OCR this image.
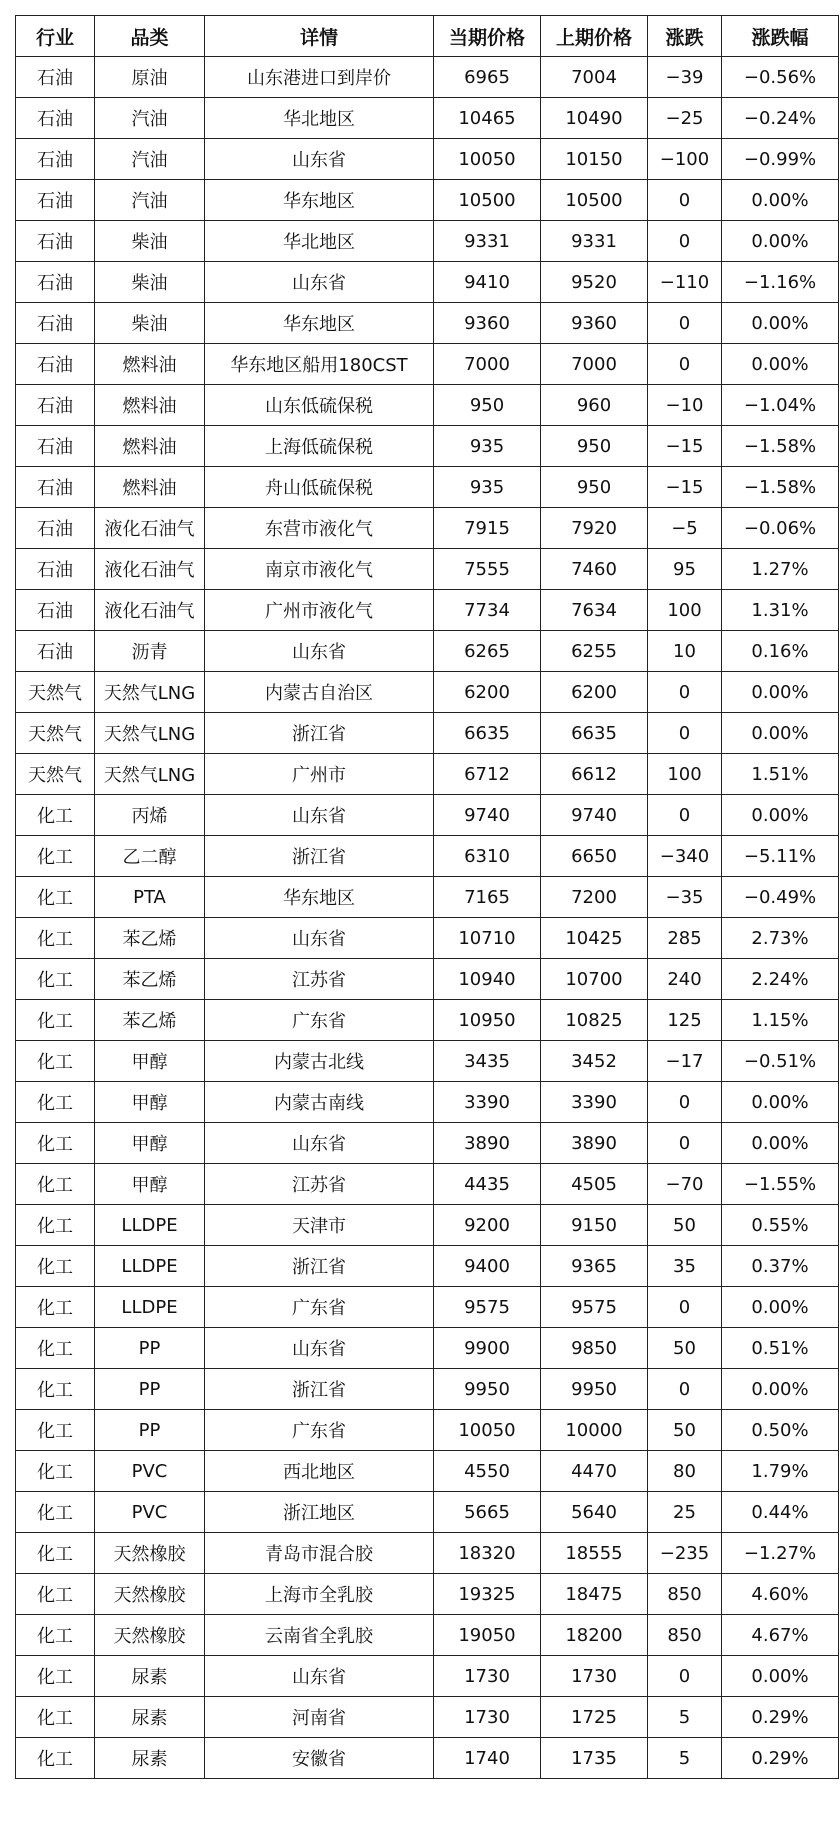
行业	品类	详情	当期价格	上期价格	涨跌	涨跌幅
石油	原油	山东港进口到岸价	6965	7004	−39	−0.56%
石油	汽油	华北地区	10465	10490	−25	−0.24%
石油	汽油	山东省	10050	10150	−100	−0.99%
石油	汽油	华东地区	10500	10500	0	0.00%
石油	柴油	华北地区	9331	9331	0	0.00%
石油	柴油	山东省	9410	9520	−110	−1.16%
石油	柴油	华东地区	9360	9360	0	0.00%
石油	燃料油	华东地区船用180CST	7000	7000	0	0.00%
石油	燃料油	山东低硫保税	950	960	−10	−1.04%
石油	燃料油	上海低硫保税	935	950	−15	−1.58%
石油	燃料油	舟山低硫保税	935	950	−15	−1.58%
石油	液化石油气	东营市液化气	7915	7920	−5	−0.06%
石油	液化石油气	南京市液化气	7555	7460	95	1.27%
石油	液化石油气	广州市液化气	7734	7634	100	1.31%
石油	沥青	山东省	6265	6255	10	0.16%
天然气	天然气LNG	内蒙古自治区	6200	6200	0	0.00%
天然气	天然气LNG	浙江省	6635	6635	0	0.00%
天然气	天然气LNG	广州市	6712	6612	100	1.51%
化工	丙烯	山东省	9740	9740	0	0.00%
化工	乙二醇	浙江省	6310	6650	−340	−5.11%
化工	PTA	华东地区	7165	7200	−35	−0.49%
化工	苯乙烯	山东省	10710	10425	285	2.73%
化工	苯乙烯	江苏省	10940	10700	240	2.24%
化工	苯乙烯	广东省	10950	10825	125	1.15%
化工	甲醇	内蒙古北线	3435	3452	−17	−0.51%
化工	甲醇	内蒙古南线	3390	3390	0	0.00%
化工	甲醇	山东省	3890	3890	0	0.00%
化工	甲醇	江苏省	4435	4505	−70	−1.55%
化工	LLDPE	天津市	9200	9150	50	0.55%
化工	LLDPE	浙江省	9400	9365	35	0.37%
化工	LLDPE	广东省	9575	9575	0	0.00%
化工	PP	山东省	9900	9850	50	0.51%
化工	PP	浙江省	9950	9950	0	0.00%
化工	PP	广东省	10050	10000	50	0.50%
化工	PVC	西北地区	4550	4470	80	1.79%
化工	PVC	浙江地区	5665	5640	25	0.44%
化工	天然橡胶	青岛市混合胶	18320	18555	−235	−1.27%
化工	天然橡胶	上海市全乳胶	19325	18475	850	4.60%
化工	天然橡胶	云南省全乳胶	19050	18200	850	4.67%
化工	尿素	山东省	1730	1730	0	0.00%
化工	尿素	河南省	1730	1725	5	0.29%
化工	尿素	安徽省	1740	1735	5	0.29%
